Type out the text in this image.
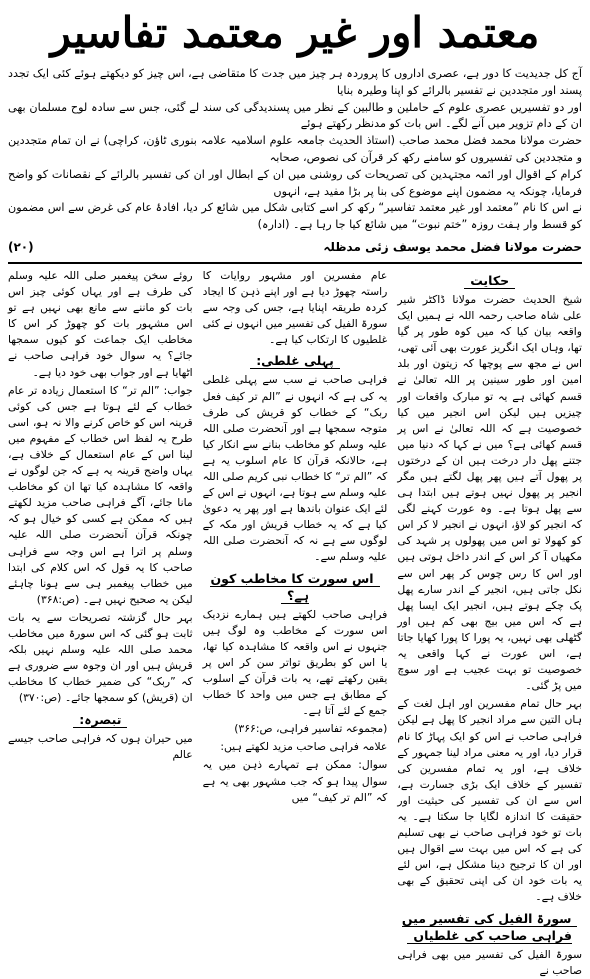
معتمد اور غیر معتمد تفاسیر

آج کل جدیدیت کا دور ہے، عصری اداروں کا پروردہ ہر چیز میں جدت کا متقاضی ہے، اس چیز کو دیکھتے ہوئے کئی ایک تجدد پسند اور متجددین نے تفسیر بالرائے کو اپنا وطیرہ بنایا

اور دو تفسیریں عصری علوم کے حاملین و طالبین کے نظر میں پسندیدگی کی سند لے گئی، جس سے سادہ لوح مسلمان بھی ان کے دام تزویر میں آنے لگے۔ اس بات کو مدنظر رکھتے ہوئے

حضرت مولانا محمد فضل محمد صاحب (استاذ الحدیث جامعہ علوم اسلامیہ علامہ بنوری ٹاؤن، کراچی) نے ان تمام متجددین و متجددین کی تفسیروں کو سامنے رکھ کر قرآن کی نصوص، صحابہ

کرام کے اقوال اور ائمہ مجتہدین کی تصریحات کی روشنی میں ان کے ابطال اور ان کی تفسیر بالرائے کے نقصانات کو واضح فرمایا، چونکہ یہ مضمون اپنے موضوع کی بنا پر بڑا مفید ہے، انہوں

نے اس کا نام ”معتمد اور غیر معتمد تفاسیر“ رکھ کر اسے کتابی شکل میں شائع کر دیا، افادۂ عام کی غرض سے اس مضمون کو قسط وار ہفت روزہ ”ختم نبوت“ میں شائع کیا جا رہا ہے۔ (ادارہ)

(۲۰)	حضرت مولانا فضل محمد یوسف زئی مدظلہ
حکایت

شیخ الحدیث حضرت مولانا ڈاکٹر شیر علی شاہ صاحب رحمہ اللہ نے ہمیں ایک واقعہ بیان کیا کہ میں کوہ طور پر گیا تھا، وہاں ایک انگریز عورت بھی آئی تھی، اس نے مجھ سے پوچھا کہ زیتون اور بلد امین اور طور سینین پر اللہ تعالیٰ نے قسم کھائی ہے یہ تو مبارک واقعات اور چیزیں ہیں لیکن اس انجیر میں کیا خصوصیت ہے کہ اللہ تعالیٰ نے اس پر قسم کھائی ہے؟ میں نے کہا کہ دنیا میں جتنے پھل دار درخت ہیں ان کے درختوں پر پھول آتے ہیں پھر پھل لگتے ہیں مگر انجیر پر پھول نہیں ہوتے ہیں ابتدا ہی سے پھل ہوتا ہے۔ وہ عورت کہنے لگی کہ انجیر کو لاؤ، انہوں نے انجیر لا کر اس کو کھولا تو اس میں پھولوں پر شہد کی مکھیاں آ کر اس کے اندر داخل ہوتی ہیں اور اس کا رس چوس کر پھر اس سے نکل جاتی ہیں، انجیر کے اندر سارے پھل پک چکے ہوتے ہیں، انجیر ایک ایسا پھل ہے کہ اس میں بیج بھی کم ہیں اور گٹھلی بھی نہیں، یہ پورا کا پورا کھایا جاتا ہے، اس عورت نے کہا واقعی یہ خصوصیت تو بہت عجیب ہے اور سوچ میں پڑ گئی۔

بہر حال تمام مفسرین اور اہل لغت کے ہاں التین سے مراد انجیر کا پھل ہے لیکن فراہی صاحب نے اس کو ایک پہاڑ کا نام قرار دیا، اور یہ معنی مراد لینا جمہور کے خلاف ہے، اور یہ تمام مفسرین کی تفسیر کے خلاف ایک بڑی جسارت ہے، اس سے ان کی تفسیر کی حیثیت اور حقیقت کا اندازہ لگایا جا سکتا ہے۔ یہ بات تو خود فراہی صاحب نے بھی تسلیم کی ہے کہ اس میں بہت سے اقوال ہیں اور ان کا ترجیح دینا مشکل ہے، اس لئے یہ بات خود ان کی اپنی تحقیق کے بھی خلاف ہے۔

سورۃ الفیل کی تفسیر میں فراہی صاحب کی غلطیاں

سورۃ الفیل کی تفسیر میں بھی فراہی صاحب نے

عام مفسرین اور مشہور روایات کا راستہ چھوڑ دیا ہے اور اپنے ذہن کا ایجاد کردہ طریقہ اپنایا ہے، جس کی وجہ سے سورۃ الفیل کی تفسیر میں انہوں نے کئی غلطیوں کا ارتکاب کیا ہے۔

پہلی غلطی:

فراہی صاحب نے سب سے پہلی غلطی یہ کی ہے کہ انہوں نے ”الم تر کیف فعل ربک“ کے خطاب کو قریش کی طرف متوجہ سمجھا ہے اور آنحضرت صلی اللہ علیہ وسلم کو مخاطب بنانے سے انکار کیا ہے، حالانکہ قرآن کا عام اسلوب یہ ہے کہ ”الم تر“ کا خطاب نبی کریم صلی اللہ علیہ وسلم سے ہوتا ہے، انہوں نے اس کے لئے ایک عنوان باندھا ہے اور پھر یہ دعویٰ کیا ہے کہ یہ خطاب قریش اور مکہ کے لوگوں سے ہے نہ کہ آنحضرت صلی اللہ علیہ وسلم سے۔

اس سورت کا مخاطب کون ہے؟

فراہی صاحب لکھتے ہیں ہمارے نزدیک اس سورت کے مخاطب وہ لوگ ہیں جنہوں نے اس واقعہ کا مشاہدہ کیا تھا، یا اس کو بطریق تواتر سن کر اس پر یقین رکھتے تھے، یہ بات قرآن کے اسلوب کے مطابق ہے جس میں واحد کا خطاب جمع کے لئے آتا ہے۔

(مجموعہ تفاسیر فراہی، ص:۳۶۶)

علامہ فراہی صاحب مزید لکھتے ہیں:

سوال: ممکن ہے تمہارے ذہن میں یہ سوال پیدا ہو کہ جب مشہور بھی یہ ہے کہ ”الم تر کیف“ میں

روئے سخن پیغمبر صلی اللہ علیہ وسلم کی طرف ہے اور یہاں کوئی چیز اس بات کو ماننے سے مانع بھی نہیں ہے تو اس مشہور بات کو چھوڑ کر اس کا مخاطب ایک جماعت کو کیوں سمجھا جائے؟ یہ سوال خود فراہی صاحب نے اٹھایا ہے اور جواب بھی خود دیا ہے۔

جواب: ”الم تر“ کا استعمال زیادہ تر عام خطاب کے لئے ہوتا ہے جس کی کوئی قرینہ اس کو خاص کرنے والا نہ ہو، اسی طرح یہ لفظ اس خطاب کے مفہوم میں لینا اس کے عام استعمال کے خلاف ہے، یہاں واضح قرینہ یہ ہے کہ جن لوگوں نے واقعہ کا مشاہدہ کیا تھا ان کو مخاطب مانا جائے، آگے فراہی صاحب مزید لکھتے ہیں کہ ممکن ہے کسی کو خیال ہو کہ چونکہ قرآن آنحضرت صلی اللہ علیہ وسلم پر اترا ہے اس وجہ سے فراہی صاحب کا یہ قول کہ اس کلام کی ابتدا میں خطاب پیغمبر ہی سے ہونا چاہئے لیکن یہ صحیح نہیں ہے۔ (ص:۳۶۸)

بہر حال گزشتہ تصریحات سے یہ بات ثابت ہو گئی کہ اس سورۃ میں مخاطب محمد صلی اللہ علیہ وسلم نہیں بلکہ قریش ہیں اور ان وجوہ سے ضروری ہے کہ ”ربک“ کی ضمیر خطاب کا مخاطب ان (قریش) کو سمجھا جائے۔ (ص:۳۷۰)

تبصرہ:

میں حیران ہوں کہ فراہی صاحب جیسے عالم
